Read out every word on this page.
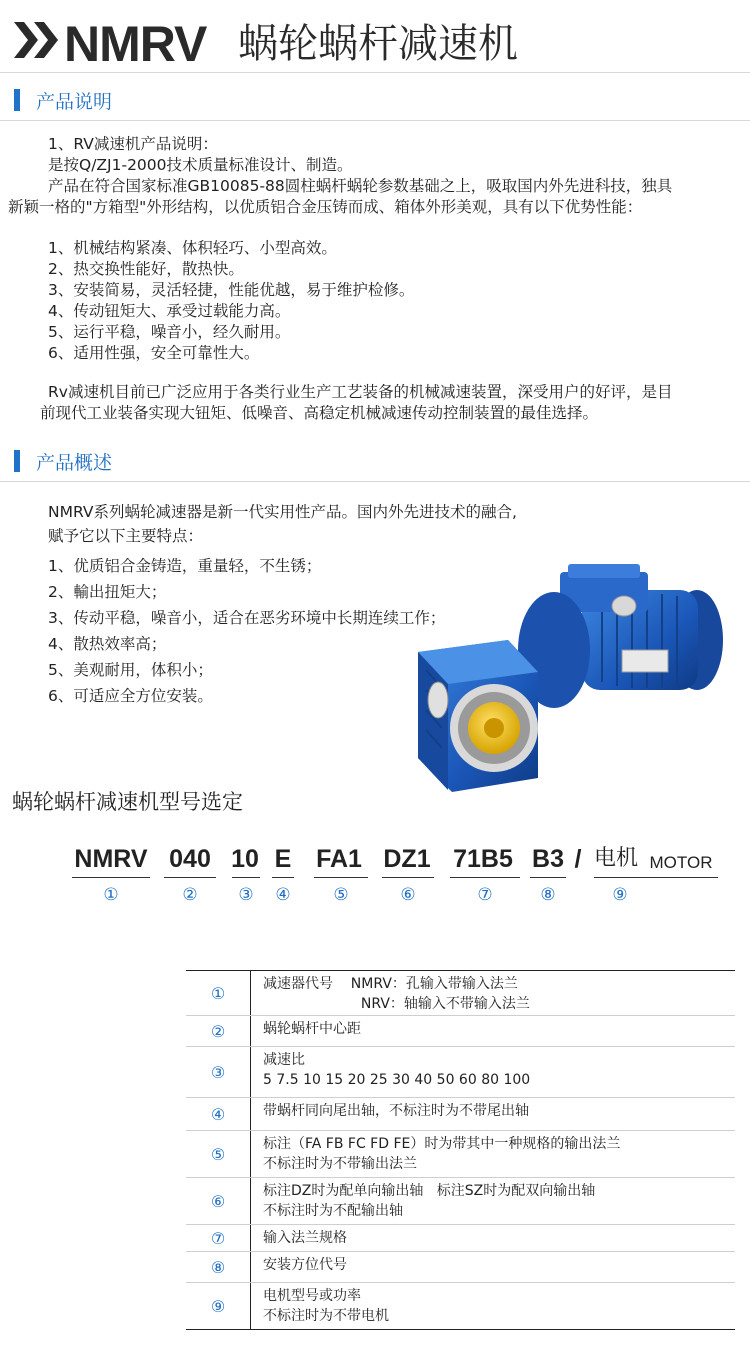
NMRV 蜗轮蜗杆减速机
产品说明
1、RV减速机产品说明：
是按Q/ZJ1-2000技术质量标准设计、制造。
产品在符合国家标准GB10085-88圆柱蜗杆蜗轮参数基础之上，吸取国内外先进科技，独具
新颖一格的"方箱型"外形结构，以优质铝合金压铸而成、箱体外形美观，具有以下优势性能：
1、机械结构紧凑、体积轻巧、小型高效。
2、热交换性能好，散热快。
3、安装简易，灵活轻捷，性能优越，易于维护检修。
4、传动钮矩大、承受过载能力高。
5、运行平稳，噪音小，经久耐用。
6、适用性强，安全可靠性大。
Rv减速机目前已广泛应用于各类行业生产工艺装备的机械减速装置，深受用户的好评，是目
前现代工业装备实现大钮矩、低噪音、高稳定机械减速传动控制装置的最佳选择。
产品概述
NMRV系列蜗轮减速器是新一代实用性产品。国内外先进技术的融合,
赋予它以下主要特点：
1、优质铝合金铸造，重量轻，不生锈；
2、輸出扭矩大；
3、传动平稳，噪音小，适合在恶劣环境中长期连续工作；
4、散热效率高；
5、美观耐用，体积小；
6、可适应全方位安装。
蜗轮蜗杆减速机型号选定
NMRV 040 10 E FA1 DZ1 71B5 B3 / 电机 MOTOR
①	②	③	④	⑤	⑥	⑦	⑧	⑨
①	减速器代号    NMRV：孔输入带输入法兰
NRV：轴输入不带输入法兰
②	蜗轮蜗杆中心距
③
减速比
5 7.5 10 15 20 25 30 40 50 60 80 100
④	带蜗杆同向尾出轴，不标注时为不带尾出轴
⑤
标注（FA FB FC FD FE）时为带其中一种规格的输出法兰
不标注时为不带输出法兰
⑥
标注DZ时为配单向输出轴   标注SZ时为配双向输出轴
不标注时为不配输出轴
⑦	输入法兰规格
⑧	安装方位代号
⑨
电机型号或功率
不标注时为不带电机
